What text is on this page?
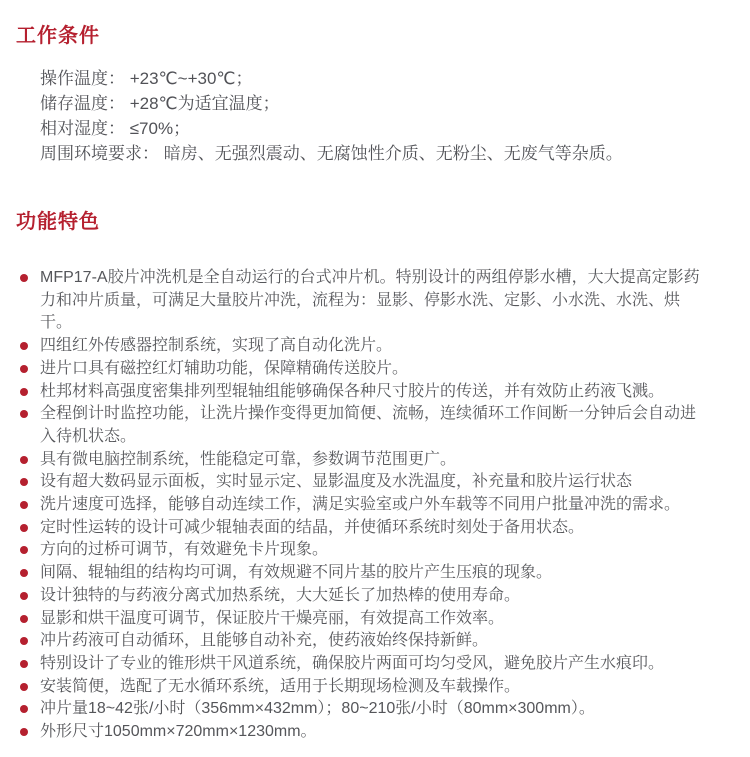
工作条件

操作温度： +23℃~+30℃；

储存温度： +28℃为适宜温度；

相对湿度： ≤70%；

周围环境要求： 暗房、无强烈震动、无腐蚀性介质、无粉尘、无废气等杂质。

功能特色
MFP17-A胶片冲洗机是全自动运行的台式冲片机。特别设计的两组停影水槽，大大提高定影药力和冲片质量，可满足大量胶片冲洗，流程为：显影、停影水洗、定影、小水洗、水洗、烘干。
四组红外传感器控制系统，实现了高自动化洗片。
进片口具有磁控红灯辅助功能，保障精确传送胶片。
杜邦材料高强度密集排列型辊轴组能够确保各种尺寸胶片的传送，并有效防止药液飞溅。
全程倒计时监控功能，让洗片操作变得更加简便、流畅，连续循环工作间断一分钟后会自动进入待机状态。
具有微电脑控制系统，性能稳定可靠，参数调节范围更广。
设有超大数码显示面板，实时显示定、显影温度及水洗温度，补充量和胶片运行状态
洗片速度可选择，能够自动连续工作，满足实验室或户外车载等不同用户批量冲洗的需求。
定时性运转的设计可减少辊轴表面的结晶，并使循环系统时刻处于备用状态。
方向的过桥可调节，有效避免卡片现象。
间隔、辊轴组的结构均可调，有效规避不同片基的胶片产生压痕的现象。
设计独特的与药液分离式加热系统，大大延长了加热棒的使用寿命。
显影和烘干温度可调节，保证胶片干燥亮丽，有效提高工作效率。
冲片药液可自动循环，且能够自动补充，使药液始终保持新鲜。
特别设计了专业的锥形烘干风道系统，确保胶片两面可均匀受风，避免胶片产生水痕印。
安装简便，选配了无水循环系统，适用于长期现场检测及车载操作。
冲片量18~42张/小时（356mm×432mm）；80~210张/小时（80mm×300mm）。
外形尺寸1050mm×720mm×1230mm。
